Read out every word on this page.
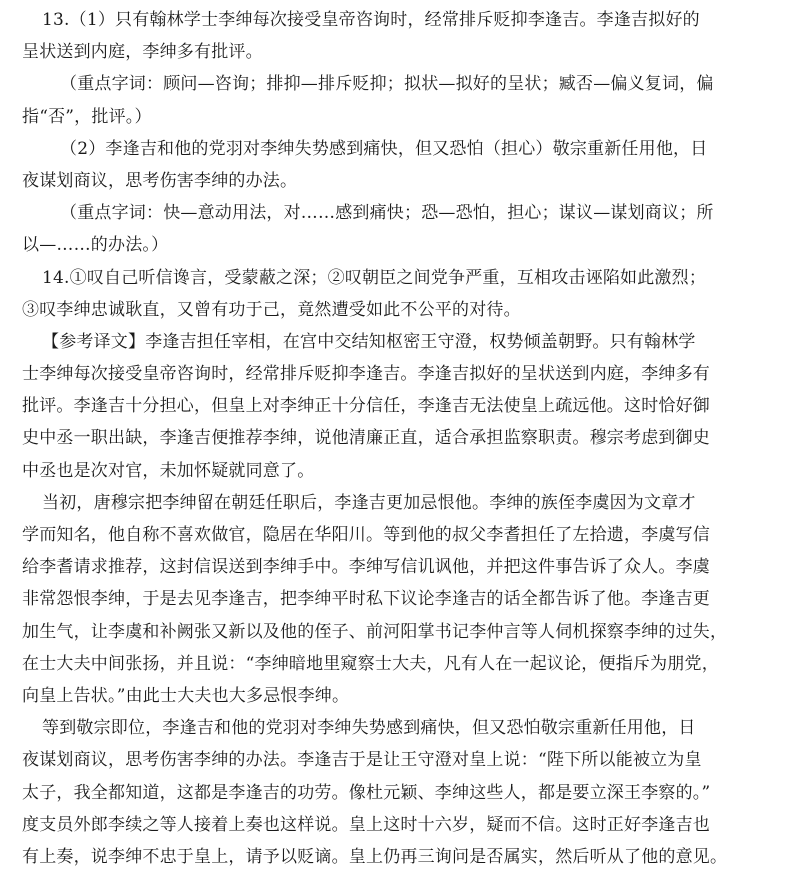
13.（1）只有翰林学士李绅每次接受皇帝咨询时，经常排斥贬抑李逢吉。李逢吉拟好的
呈状送到内庭，李绅多有批评。
（重点字词：顾问—咨询；排抑—排斥贬抑；拟状—拟好的呈状；臧否—偏义复词，偏
指“否”，批评。）
（2）李逢吉和他的党羽对李绅失势感到痛快，但又恐怕（担心）敬宗重新任用他，日
夜谋划商议，思考伤害李绅的办法。
（重点字词：快—意动用法，对……感到痛快；恐—恐怕，担心；谋议—谋划商议；所
以—……的办法。）
14.①叹自己听信谗言，受蒙蔽之深；②叹朝臣之间党争严重，互相攻击诬陷如此激烈；
③叹李绅忠诚耿直，又曾有功于己，竟然遭受如此不公平的对待。
【参考译文】李逢吉担任宰相，在宫中交结知枢密王守澄，权势倾盖朝野。只有翰林学
士李绅每次接受皇帝咨询时，经常排斥贬抑李逢吉。李逢吉拟好的呈状送到内庭，李绅多有
批评。李逢吉十分担心，但皇上对李绅正十分信任，李逢吉无法使皇上疏远他。这时恰好御
史中丞一职出缺，李逢吉便推荐李绅，说他清廉正直，适合承担监察职责。穆宗考虑到御史
中丞也是次对官，未加怀疑就同意了。
当初，唐穆宗把李绅留在朝廷任职后，李逢吉更加忌恨他。李绅的族侄李虞因为文章才
学而知名，他自称不喜欢做官，隐居在华阳川。等到他的叔父李耆担任了左拾遗，李虞写信
给李耆请求推荐，这封信误送到李绅手中。李绅写信讥讽他，并把这件事告诉了众人。李虞
非常怨恨李绅，于是去见李逢吉，把李绅平时私下议论李逢吉的话全都告诉了他。李逢吉更
加生气，让李虞和补阙张又新以及他的侄子、前河阳掌书记李仲言等人伺机探察李绅的过失，
在士大夫中间张扬，并且说：“李绅暗地里窥察士大夫，凡有人在一起议论，便指斥为朋党，
向皇上告状。”由此士大夫也大多忌恨李绅。
等到敬宗即位，李逢吉和他的党羽对李绅失势感到痛快，但又恐怕敬宗重新任用他，日
夜谋划商议，思考伤害李绅的办法。李逢吉于是让王守澄对皇上说：“陛下所以能被立为皇
太子，我全都知道，这都是李逢吉的功劳。像杜元颖、李绅这些人，都是要立深王李察的。”
度支员外郎李续之等人接着上奏也这样说。皇上这时十六岁，疑而不信。这时正好李逢吉也
有上奏，说李绅不忠于皇上，请予以贬谪。皇上仍再三询问是否属实，然后听从了他的意见。
